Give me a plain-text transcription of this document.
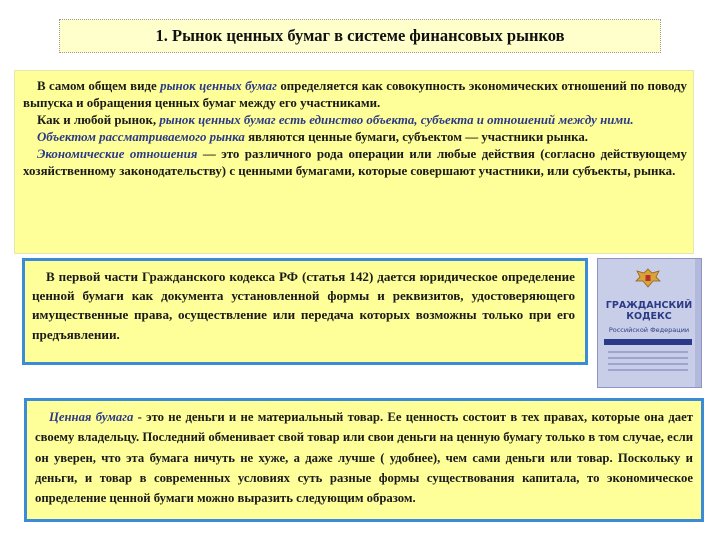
1. Рынок ценных бумаг в системе финансовых рынков

В самом общем виде рынок ценных бумаг определяется как совокупность экономических отношений по поводу выпуска и обращения ценных бумаг между его участниками.

Как и любой рынок, рынок ценных бумаг есть единство объекта, субъекта и отношений между ними.

Объектом рассматриваемого рынка являются ценные бумаги, субъектом — участники рынка.

Экономические отношения — это различного рода операции или любые действия (согласно действующему хозяйственному законодательству) с ценными бумагами, которые совершают участники, или субъекты, рынка.

В первой части Гражданского кодекса РФ (статья 142) дается юридическое определение ценной бумаги как документа установленной формы и реквизитов, удостоверяющего имущественные права, осуществление или передача которых возможны только при его предъявлении.

ГРАЖДАНСКИЙ КОДЕКС
Российской Федерации

Ценная бумага - это не деньги и не материальный товар. Ее ценность состоит в тех правах, которые она дает своему владельцу. Последний обменивает свой товар или свои деньги на ценную бумагу только в том случае, если он уверен, что эта бумага ничуть не хуже, а даже лучше ( удобнее), чем сами деньги или товар. Поскольку и деньги, и товар в современных условиях суть разные формы существования капитала, то экономическое определение ценной бумаги можно выразить следующим образом.
